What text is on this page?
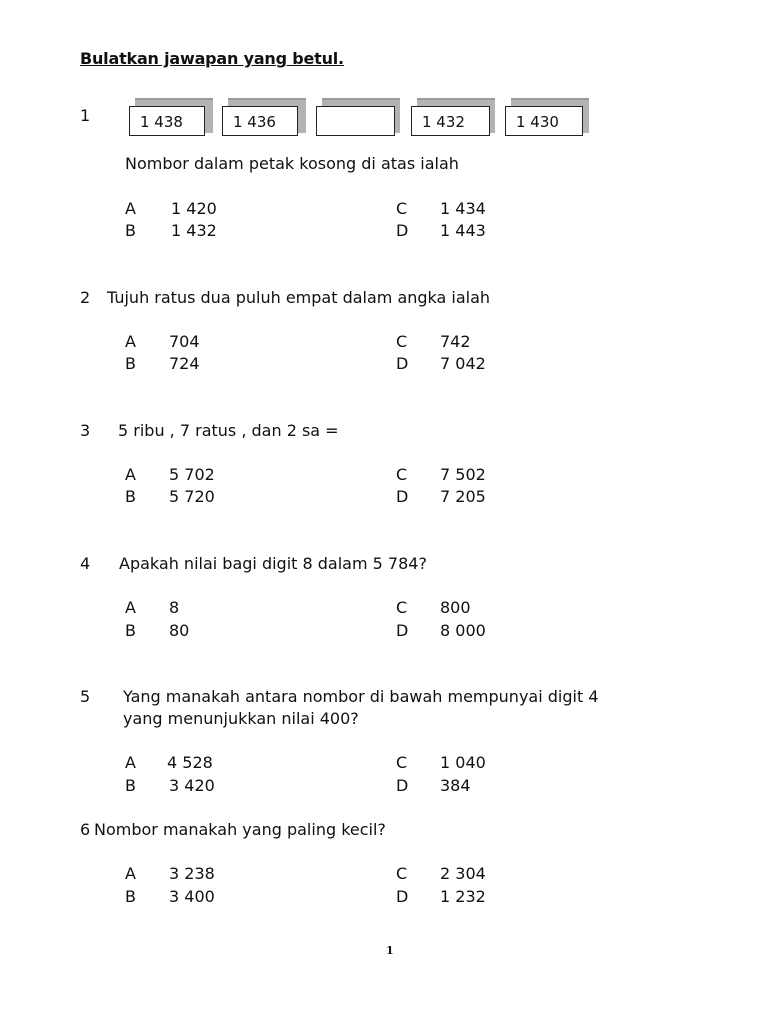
Bulatkan jawapan yang betul.
1	1 438	1 436	1 432	1 430
Nombor dalam petak kosong di atas ialah
A 1 420
B 1 432
C 1 434
D 1 443
2 Tujuh ratus dua puluh empat dalam angka ialah
A 704
B 724
C 742
D 7 042
3 5 ribu , 7 ratus , dan 2 sa =
A 5 702
B 5 720
C 7 502
D 7 205
4 Apakah nilai bagi digit 8 dalam 5 784?
A 8
B 80
C 800
D 8 000
5 Yang manakah antara nombor di bawah mempunyai digit 4
yang menunjukkan nilai 400?
A 4 528
B 3 420
C 1 040
D 384
6 Nombor manakah yang paling kecil?
A 3 238
B 3 400
C 2 304
D 1 232
1
